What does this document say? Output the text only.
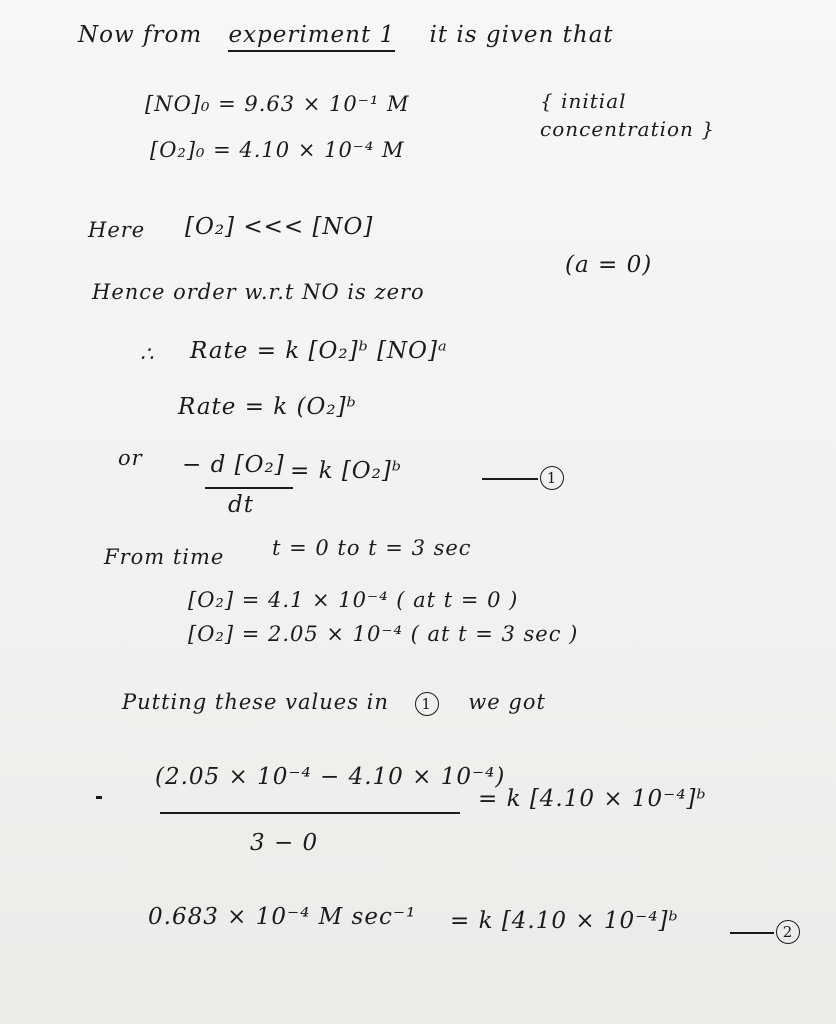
Now from experiment 1 it is given that
[NO]₀ = 9.63 × 10⁻¹ M
[O₂]₀ = 4.10 × 10⁻⁴ M
{ initial
concentration }
Here [O₂] <<< [NO]
Hence order w.r.t NO is zero
(a = 0)
∴ Rate = k [O₂]ᵇ [NO]ᵃ
Rate = k (O₂]ᵇ
or − d [O₂]
dt
= k [O₂]ᵇ	1
From time t = 0 to t = 3 sec
[O₂] = 4.1 × 10⁻⁴ ( at t = 0 )
[O₂] = 2.05 × 10⁻⁴ ( at t = 3 sec )
Putting these values in 1 we got
(2.05 × 10⁻⁴ − 4.10 × 10⁻⁴)
3 − 0
= k [4.10 × 10⁻⁴]ᵇ
0.683 × 10⁻⁴ M sec⁻¹ = k [4.10 × 10⁻⁴]ᵇ	2
